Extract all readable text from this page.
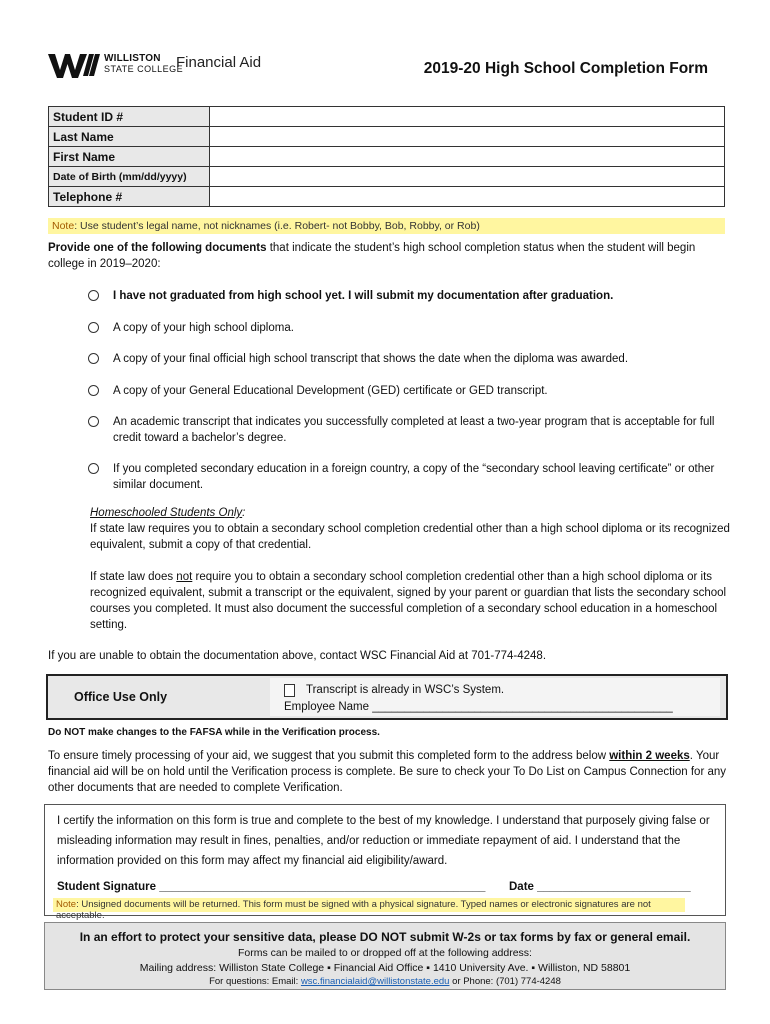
WILLISTON
STATE COLLEGE
Financial Aid	2019-20 High School Completion Form
Student ID #	
Last Name	
First Name	
Date of Birth (mm/dd/yyyy)	
Telephone #	
Note: Use student’s legal name, not nicknames (i.e. Robert- not Bobby, Bob, Robby, or Rob)
Provide one of the following documents that indicate the student’s high school completion status when the student will begin college in 2019–2020:
I have not graduated from high school yet. I will submit my documentation after graduation.
A copy of your high school diploma.
A copy of your final official high school transcript that shows the date when the diploma was awarded.
A copy of your General Educational Development (GED) certificate or GED transcript.
An academic transcript that indicates you successfully completed at least a two-year program that is acceptable for full credit toward a bachelor’s degree.
If you completed secondary education in a foreign country, a copy of the “secondary school leaving certificate” or other similar document.
Homeschooled Students Only:
If state law requires you to obtain a secondary school completion credential other than a high school diploma or its recognized equivalent, submit a copy of that credential.
If state law does not require you to obtain a secondary school completion credential other than a high school diploma or its recognized equivalent, submit a transcript or the equivalent, signed by your parent or guardian that lists the secondary school courses you completed. It must also document the successful completion of a secondary school education in a homeschool setting.
If you are unable to obtain the documentation above, contact WSC Financial Aid at 701-774-4248.
Office Use Only	Transcript is already in WSC’s System.
Employee Name _______________________________________________
Do NOT make changes to the FAFSA while in the Verification process.
To ensure timely processing of your aid, we suggest that you submit this completed form to the address below within 2 weeks. Your financial aid will be on hold until the Verification process is complete. Be sure to check your To Do List on Campus Connection for any other documents that are needed to complete Verification.
I certify the information on this form is true and complete to the best of my knowledge. I understand that purposely giving false or misleading information may result in fines, penalties, and/or reduction or immediate repayment of aid. I understand that the information provided on this form may affect my financial aid eligibility/award.
Student Signature ___________________________________________________ Date ________________________
Note: Unsigned documents will be returned. This form must be signed with a physical signature. Typed names or electronic signatures are not acceptable.
In an effort to protect your sensitive data, please DO NOT submit W-2s or tax forms by fax or general email.
Forms can be mailed to or dropped off at the following address:
Mailing address: Williston State College ▪ Financial Aid Office ▪ 1410 University Ave. ▪ Williston, ND 58801
For questions: Email: wsc.financialaid@willistonstate.edu or Phone: (701) 774-4248
